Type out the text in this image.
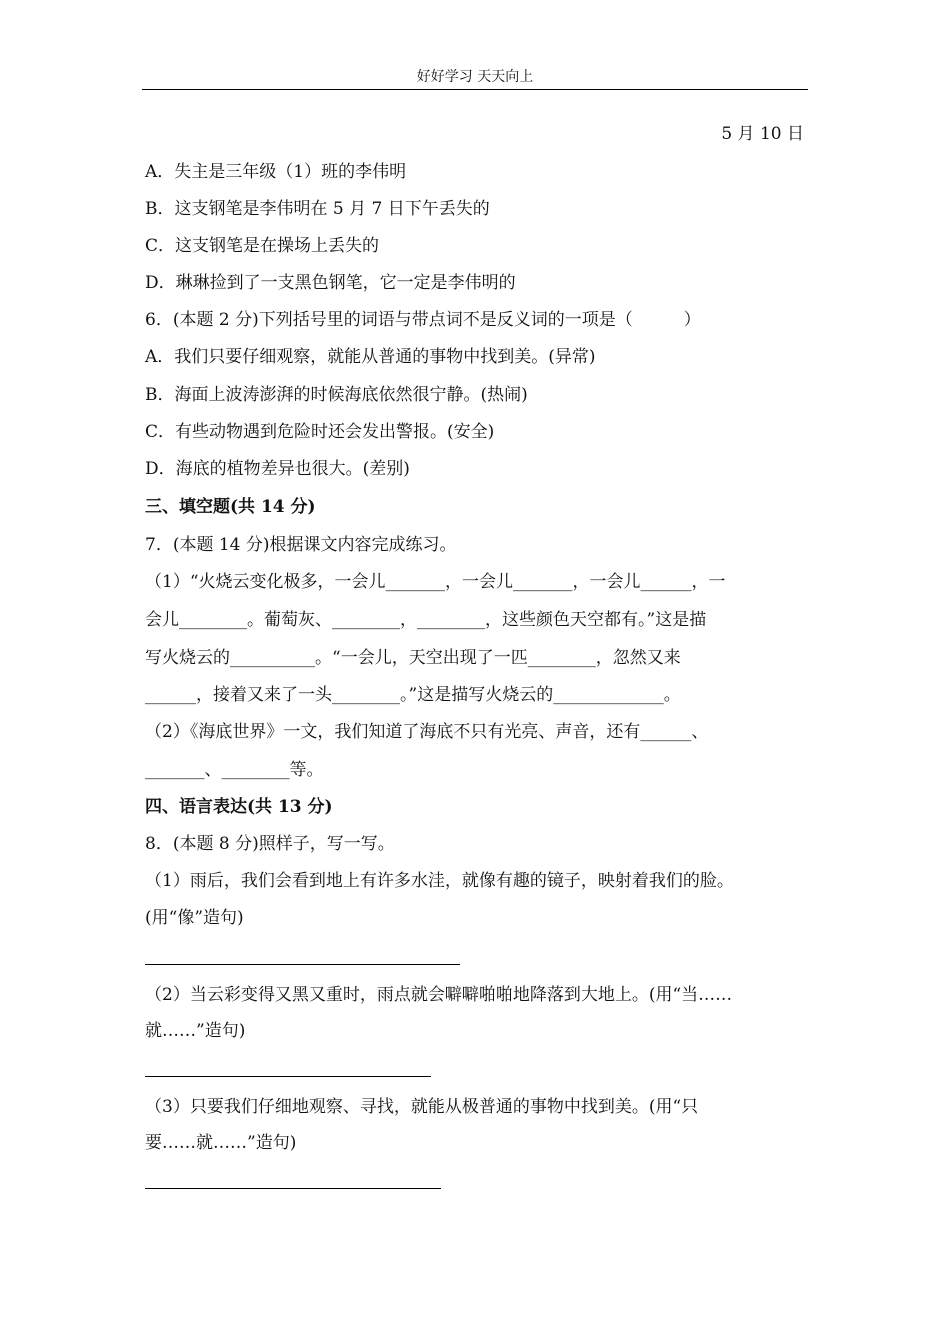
好好学习 天天向上
5 月 10 日
A．失主是三年级（1）班的李伟明
B．这支钢笔是李伟明在 5 月 7 日下午丢失的
C．这支钢笔是在操场上丢失的
D．琳琳捡到了一支黑色钢笔，它一定是李伟明的
6．(本题 2 分)下列括号里的词语与带点词不是反义词的一项是（　　　）
A．我们只要仔细观察，就能从普通的事物中找到美。(异常)
B．海面上波涛澎湃的时候海底依然很宁静。(热闹)
C．有些动物遇到危险时还会发出警报。(安全)
D．海底的植物差异也很大。(差别)
三、填空题(共 14 分)
7．(本题 14 分)根据课文内容完成练习。
（1）“火烧云变化极多，一会儿_______，一会儿_______，一会儿______，一
会儿________。葡萄灰、________，________，这些颜色天空都有。”这是描
写火烧云的__________。“一会儿，天空出现了一匹________，忽然又来
______，接着又来了一头________。”这是描写火烧云的_____________。
（2）《海底世界》一文，我们知道了海底不只有光亮、声音，还有______、
_______、________等。
四、语言表达(共 13 分)
8．(本题 8 分)照样子，写一写。
（1）雨后，我们会看到地上有许多水洼，就像有趣的镜子，映射着我们的脸。
(用“像”造句)
（2）当云彩变得又黑又重时，雨点就会噼噼啪啪地降落到大地上。(用“当……
就……”造句)
（3）只要我们仔细地观察、寻找，就能从极普通的事物中找到美。(用“只
要……就……”造句)
